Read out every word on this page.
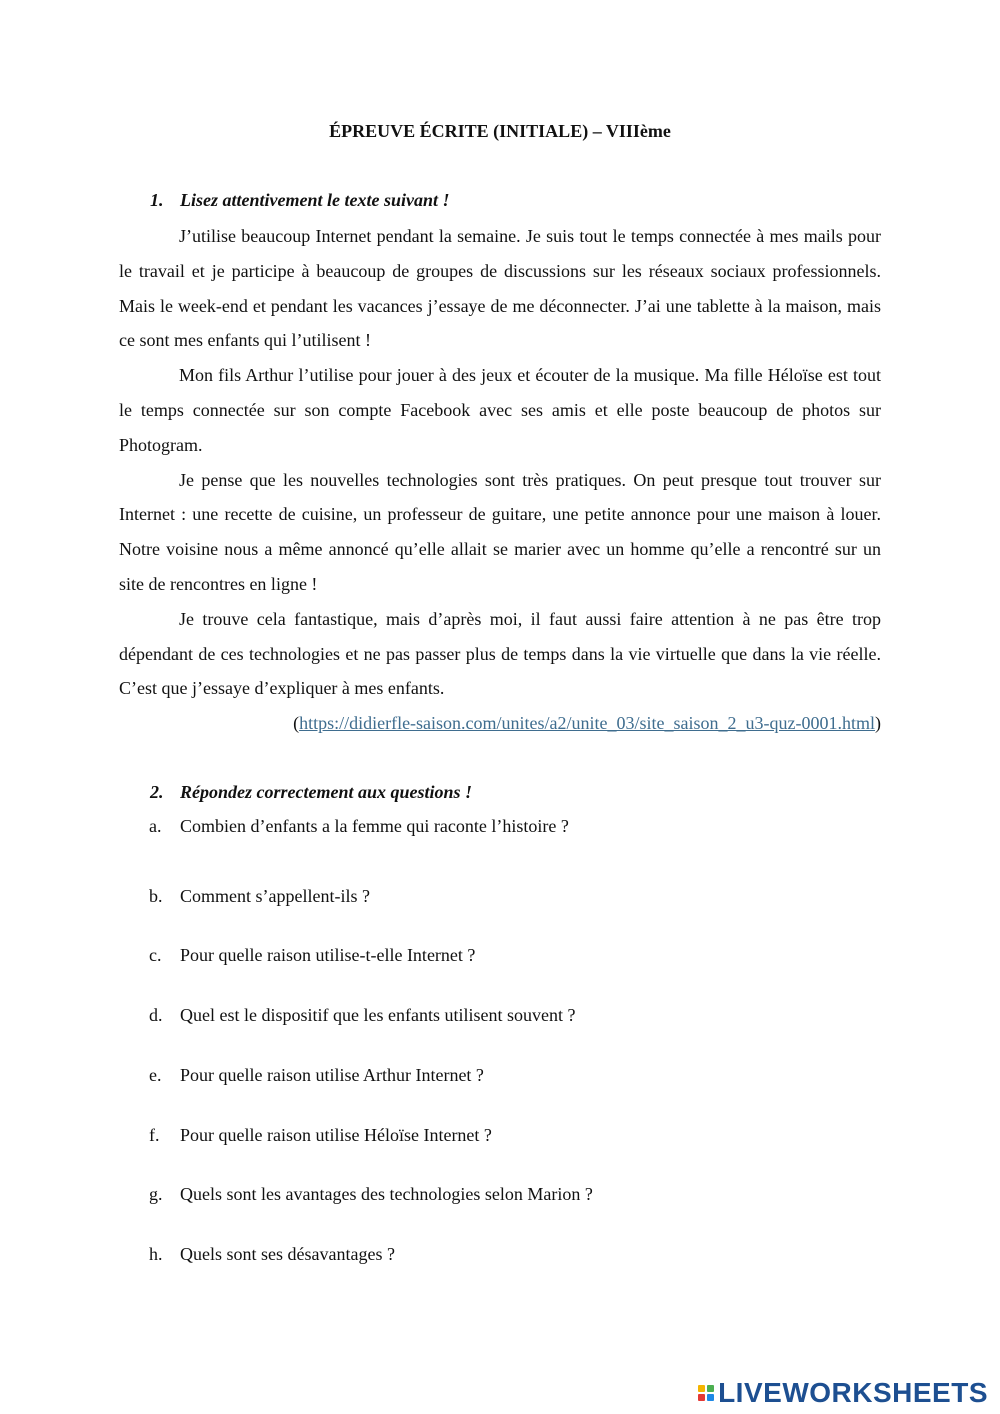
ÉPREUVE ÉCRITE (INITIALE) – VIIIème
1. Lisez attentivement le texte suivant !

J’utilise beaucoup Internet pendant la semaine. Je suis tout le temps connectée à mes mails pour le travail et je participe à beaucoup de groupes de discussions sur les réseaux sociaux professionnels. Mais le week-end et pendant les vacances j’essaye de me déconnecter. J’ai une tablette à la maison, mais ce sont mes enfants qui l’utilisent !

Mon fils Arthur l’utilise pour jouer à des jeux et écouter de la musique. Ma fille Héloïse est tout le temps connectée sur son compte Facebook avec ses amis et elle poste beaucoup de photos sur Photogram.

Je pense que les nouvelles technologies sont très pratiques. On peut presque tout trouver sur Internet : une recette de cuisine, un professeur de guitare, une petite annonce pour une maison à louer. Notre voisine nous a même annoncé qu’elle allait se marier avec un homme qu’elle a rencontré sur un site de rencontres en ligne !

Je trouve cela fantastique, mais d’après moi, il faut aussi faire attention à ne pas être trop dépendant de ces technologies et ne pas passer plus de temps dans la vie virtuelle que dans la vie réelle. C’est que j’essaye d’expliquer à mes enfants.

(https://didierfle-saison.com/unites/a2/unite_03/site_saison_2_u3-quz-0001.html)
2. Répondez correctement aux questions !
a. Combien d’enfants a la femme qui raconte l’histoire ?
b. Comment s’appellent-ils ?
c. Pour quelle raison utilise-t-elle Internet ?
d. Quel est le dispositif que les enfants utilisent souvent ?
e. Pour quelle raison utilise Arthur Internet ?
f. Pour quelle raison utilise Héloïse Internet ?
g. Quels sont les avantages des technologies selon Marion ?
h. Quels sont ses désavantages ?
LIVEWORKSHEETS
